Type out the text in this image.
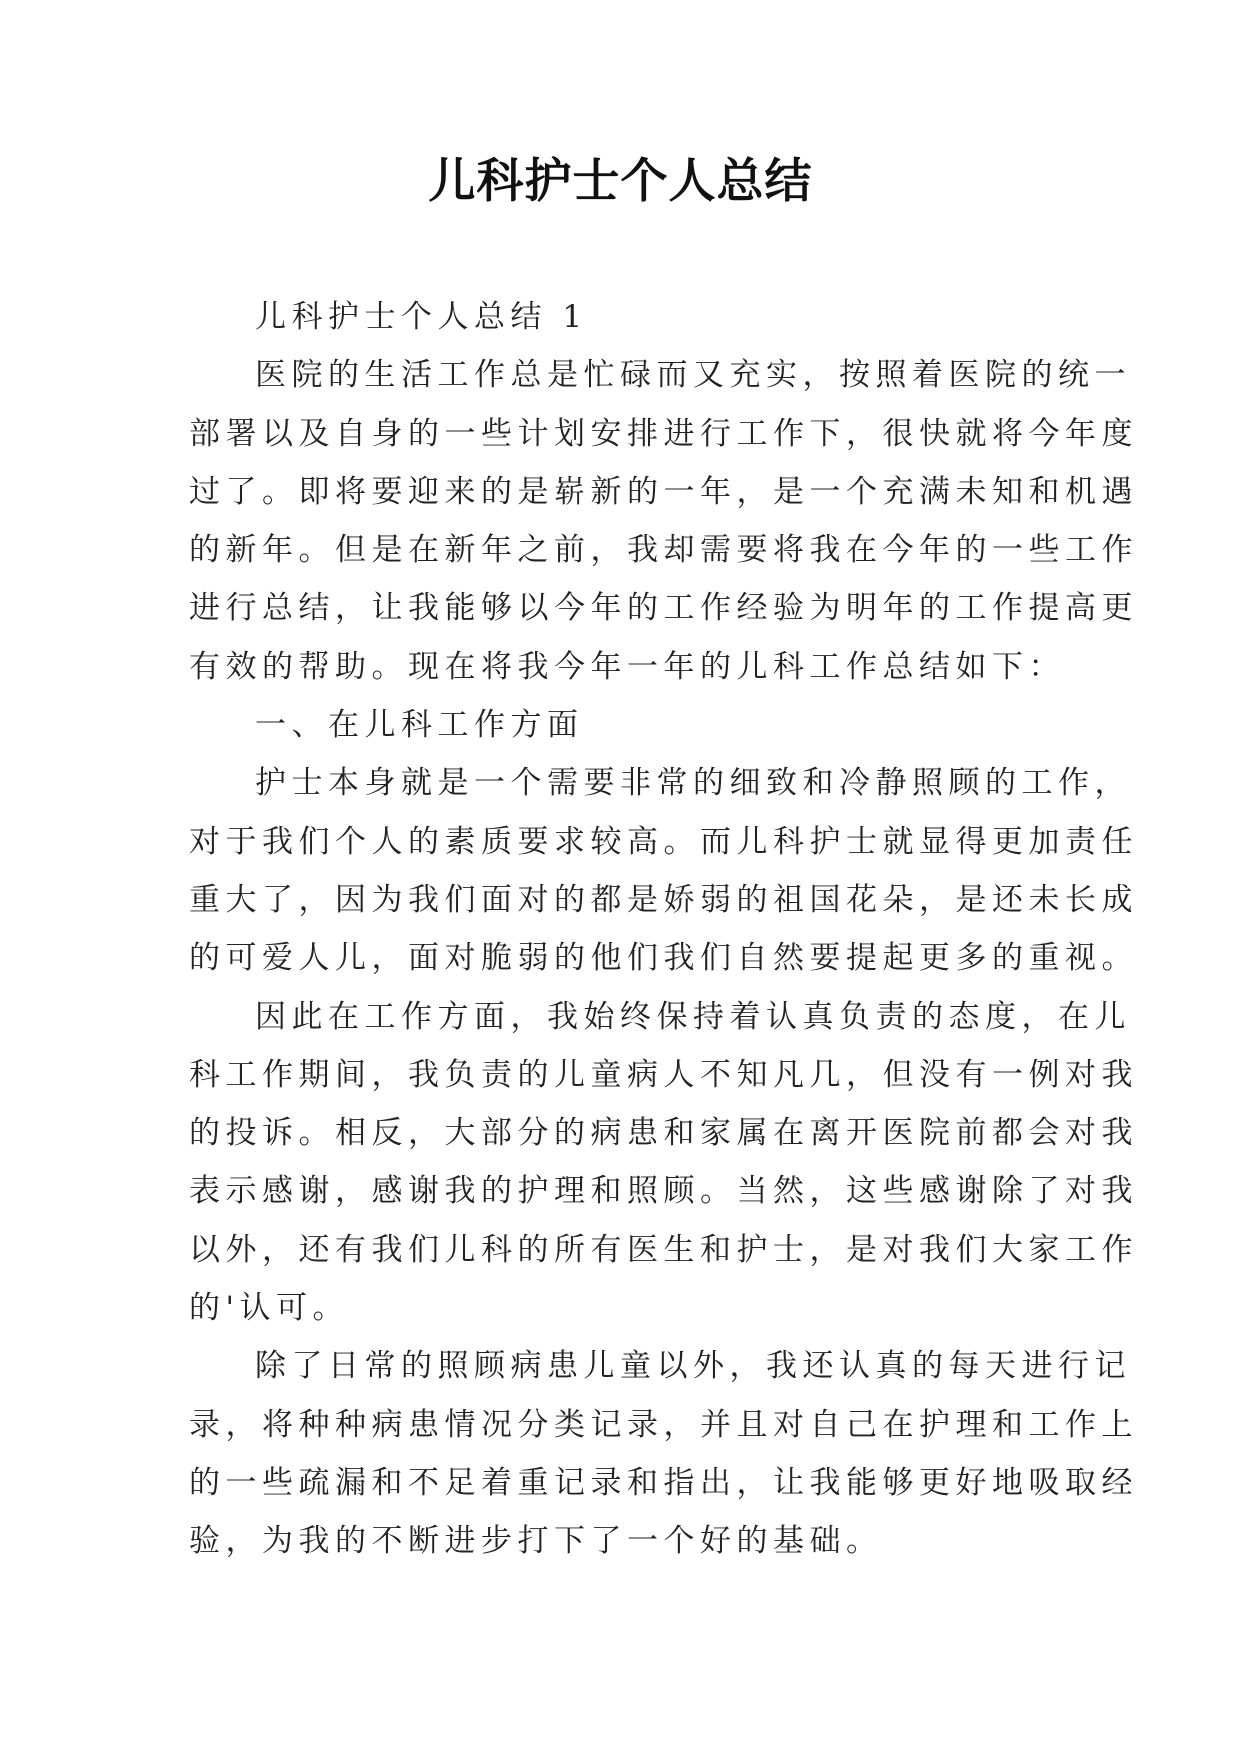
儿科护士个人总结
儿科护士个人总结 1
医院的生活工作总是忙碌而又充实，按照着医院的统一
部署以及自身的一些计划安排进行工作下，很快就将今年度
过了。即将要迎来的是崭新的一年，是一个充满未知和机遇
的新年。但是在新年之前，我却需要将我在今年的一些工作
进行总结，让我能够以今年的工作经验为明年的工作提高更
有效的帮助。现在将我今年一年的儿科工作总结如下：
一、在儿科工作方面
护士本身就是一个需要非常的细致和冷静照顾的工作，
对于我们个人的素质要求较高。而儿科护士就显得更加责任
重大了，因为我们面对的都是娇弱的祖国花朵，是还未长成
的可爱人儿，面对脆弱的他们我们自然要提起更多的重视。
因此在工作方面，我始终保持着认真负责的态度，在儿
科工作期间，我负责的儿童病人不知凡几，但没有一例对我
的投诉。相反，大部分的病患和家属在离开医院前都会对我
表示感谢，感谢我的护理和照顾。当然，这些感谢除了对我
以外，还有我们儿科的所有医生和护士，是对我们大家工作
的'认可。
除了日常的照顾病患儿童以外，我还认真的每天进行记
录，将种种病患情况分类记录，并且对自己在护理和工作上
的一些疏漏和不足着重记录和指出，让我能够更好地吸取经
验，为我的不断进步打下了一个好的基础。
